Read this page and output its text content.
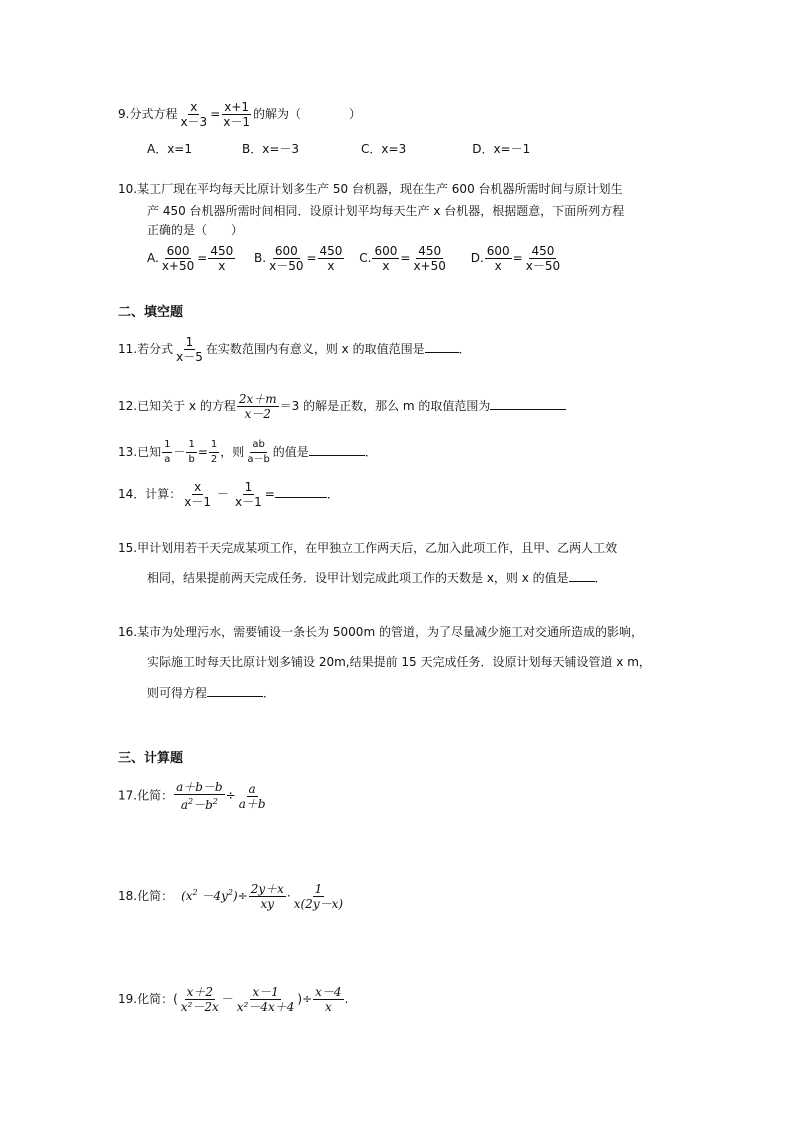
9.分式方程 $\frac{x}{x-3} = \frac{x+1}{x-1}$ 的解为（　　　　）
A．x=1	B．x=－3	C．x=3	D．x=－1
10.某工厂现在平均每天比原计划多生产 50 台机器，现在生产 600 台机器所需时间与原计划生
产 450 台机器所需时间相同．设原计划平均每天生产 x 台机器，根据题意，下面所列方程
正确的是（　　）
A. $\frac{600}{x+50} = \frac{450}{x} B$. $\frac{600}{x-50} = \frac{450}{x} C$. $\frac{600}{x} = \frac{450}{x+50} D$. $\frac{600}{x} = \frac{450}{x-50}$
二、填空题
11.若分式 $\frac{1}{x-5}$ 在实数范围内有意义，则 x 的取值范围是	．
12.已知关于 x 的方程 $\frac{2x+m}{x-2} =3$ 的解是正数，那么 m 的取值范围为
13.已知 $\frac{1}{a} - \frac{1}{b} = \frac{1}{2}$ ，则 $\frac{ab}{a-b}$ 的值是	．
14．计算： $\frac{x}{x-1} - \frac{1}{x-1}$ =	．
15.甲计划用若干天完成某项工作，在甲独立工作两天后，乙加入此项工作，且甲、乙两人工效
相同，结果提前两天完成任务．设甲计划完成此项工作的天数是 x，则 x 的值是 ．
16.某市为处理污水，需要铺设一条长为 5000m 的管道，为了尽量减少施工对交通所造成的影响，
实际施工时每天比原计划多铺设 20m,结果提前 15 天完成任务．设原计划每天铺设管道 x m，
则可得方程	．
三、计算题
17.化简： $\frac{a+b-b}{a^2-b^2} \div \frac{a}{a+b}$
18.化简： $(x^2 -4y^2)\div \frac{2y+x}{xy} \cdot \frac{1}{x(2y-x)}$
19.化简：( $\frac{x+2}{\text{x²－2x}} - \frac{x-1}{\text{x²－4x＋4}}$ )÷ $\frac{x-4}{x}$ .
